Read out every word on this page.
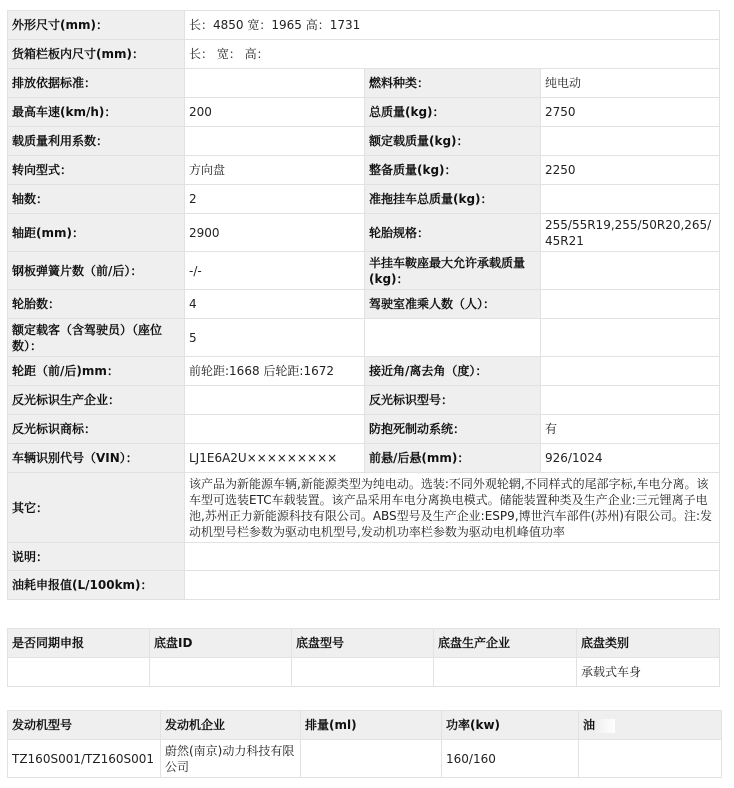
外形尺寸(mm)：	长：4850 宽：1965 高：1731		
货箱栏板内尺寸(mm)：	长： 宽： 高：		
排放依据标准：		燃料种类：	纯电动
最高车速(km/h)：	200	总质量(kg)：	2750
载质量利用系数：		额定载质量(kg)：	
转向型式：	方向盘	整备质量(kg)：	2250
轴数：	2	准拖挂车总质量(kg)：	
轴距(mm)：	2900	轮胎规格：	255/55R19,255/50R20,265/45R21
钢板弹簧片数（前/后）：	-/-	半挂车鞍座最大允许承载质量(kg)：	
轮胎数：	4	驾驶室准乘人数（人）：	
额定载客（含驾驶员）（座位数）：	5		
轮距（前/后)mm：	前轮距:1668 后轮距:1672	接近角/离去角（度）：	
反光标识生产企业：		反光标识型号：	
反光标识商标：		防抱死制动系统：	有
车辆识别代号（VIN）：	LJ1E6A2U×××××××××	前悬/后悬(mm)：	926/1024
其它：	该产品为新能源车辆,新能源类型为纯电动。选装:不同外观轮辋,不同样式的尾部字标,车电分离。该车型可选装ETC车载装置。该产品采用车电分离换电模式。储能装置种类及生产企业:三元锂离子电池,苏州正力新能源科技有限公司。ABS型号及生产企业:ESP9,博世汽车部件(苏州)有限公司。注:发动机型号栏参数为驱动电机型号,发动机功率栏参数为驱动电机峰值功率		
说明：			
油耗申报值(L/100km)：			
是否同期申报	底盘ID	底盘型号	底盘生产企业	底盘类别
				承载式车身
发动机型号	发动机企业	排量(ml)	功率(kw)	油
TZ160S001/TZ160S001	蔚然(南京)动力科技有限公司		160/160	
